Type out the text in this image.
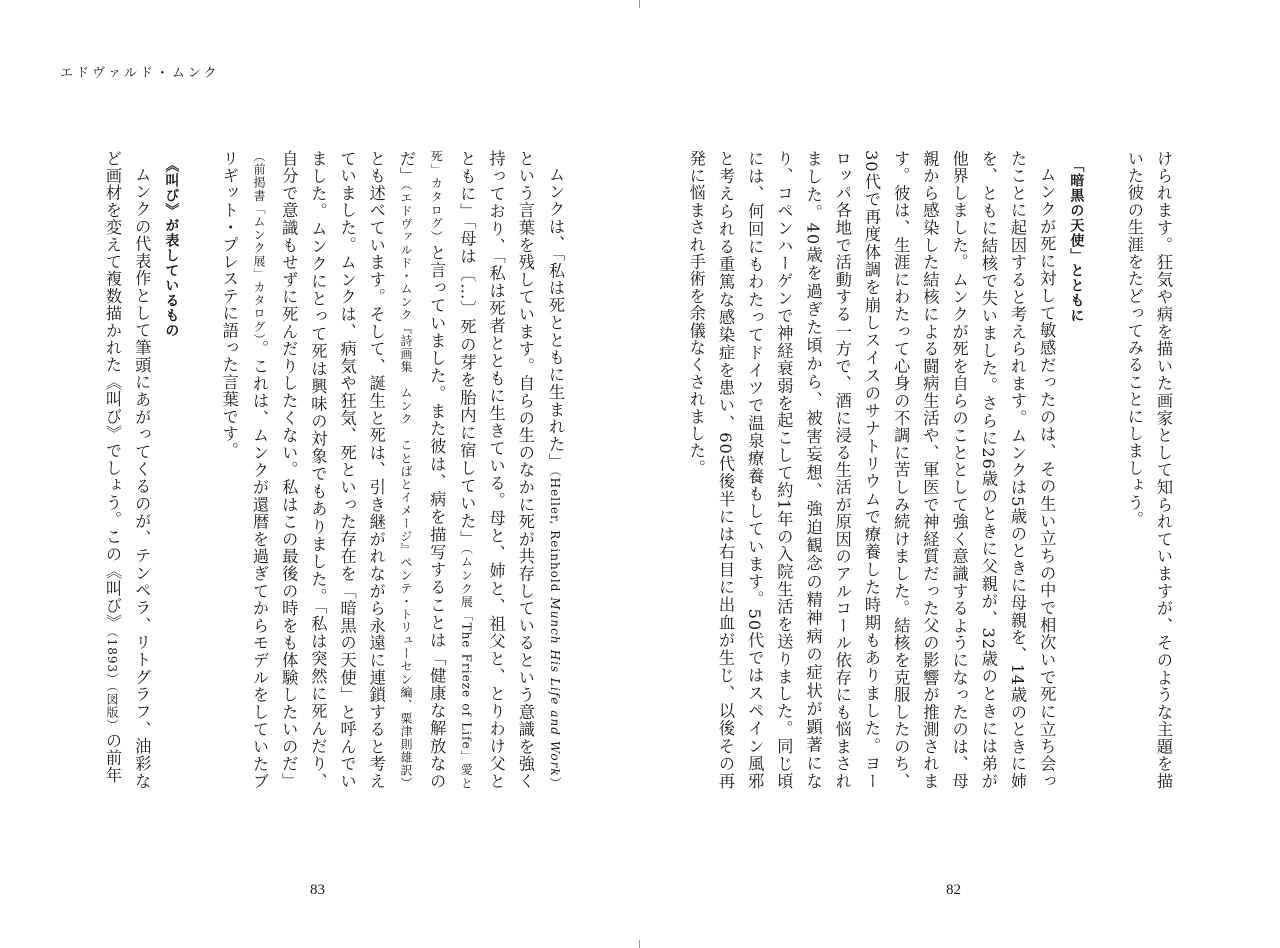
エドヴァルド・ムンク

けられます。狂気や病を描いた画家として知られていますが、そのような主題を描いた彼の生涯をたどってみることにしましょう。

「暗黒の天使」とともに

ムンクが死に対して敏感だったのは、その生い立ちの中で相次いで死に立ち会ったことに起因すると考えられます。ムンクは5歳のときに母親を、14歳のときに姉を、ともに結核で失いました。さらに26歳のときに父親が、32歳のときには弟が他界しました。ムンクが死を自らのこととして強く意識するようになったのは、母親から感染した結核による闘病生活や、軍医で神経質だった父の影響が推測されます。彼は、生涯にわたって心身の不調に苦しみ続けました。結核を克服したのち、30代で再度体調を崩しスイスのサナトリウムで療養した時期もありました。ヨーロッパ各地で活動する一方で、酒に浸る生活が原因のアルコール依存にも悩まされました。40歳を過ぎた頃から、被害妄想、強迫観念の精神病の症状が顕著になり、コペンハーゲンで神経衰弱を起こして約1年の入院生活を送りました。同じ頃には、何回にもわたってドイツで温泉療養もしています。50代ではスペイン風邪と考えられる重篤な感染症を患い、60代後半には右目に出血が生じ、以後その再発に悩まされ手術を余儀なくされました。

ムンクは、「私は死とともに生まれた」（Heller, Reinhold Munch His Life and Work）という言葉を残しています。自らの生のなかに死が共存しているという意識を強く持っており、「私は死者とともに生きている。母と、姉と、祖父と、とりわけ父とともに」「母は〔…〕死の芽を胎内に宿していた」（ムンク展「The Frieze of Life」愛と死」カタログ）と言っていました。また彼は、病を描写することは「健康な解放なのだ」（エドヴァルド・ムンク『詩画集　ムンク　ことばとイメージ』ペンテ・トリューセン編、粟津則雄訳）とも述べています。そして、誕生と死は、引き継がれながら永遠に連鎖すると考えていました。ムンクは、病気や狂気、死といった存在を「暗黒の天使」と呼んでいました。ムンクにとって死は興味の対象でもありました。「私は突然に死んだり、自分で意識もせずに死んだりしたくない。私はこの最後の時をも体験したいのだ」（前掲書「ムンク展」カタログ）。これは、ムンクが還暦を過ぎてからモデルをしていたブリギット・プレステに語った言葉です。

《叫び》が表しているもの

ムンクの代表作として筆頭にあがってくるのが、テンペラ、リトグラフ、油彩など画材を変えて複数描かれた《叫び》でしょう。この《叫び》（1893）（図版）の前年

83	82
